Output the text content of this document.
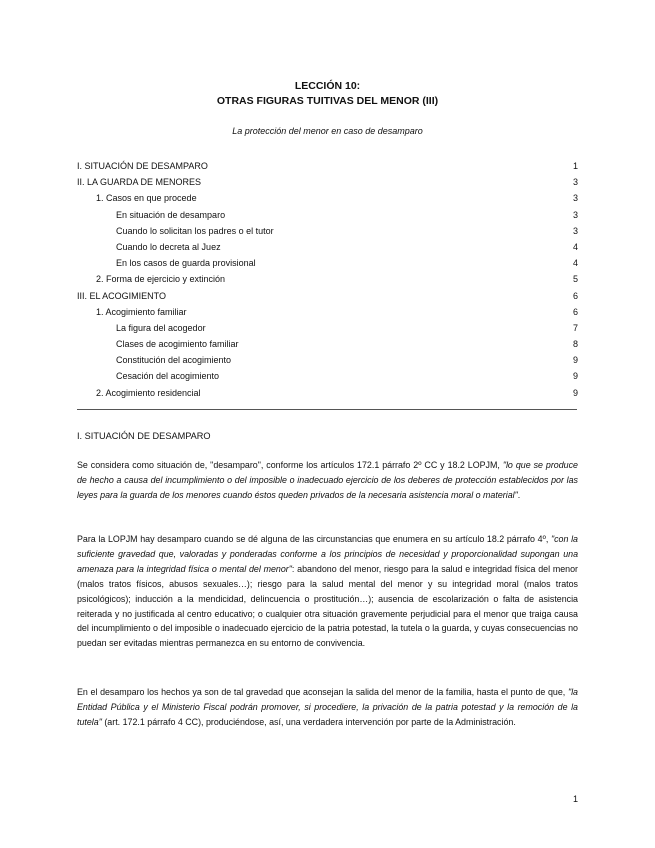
LECCIÓN 10:
OTRAS FIGURAS TUITIVAS DEL MENOR (III)
La protección del menor en caso de desamparo
I. SITUACIÓN DE DESAMPARO	1
II. LA GUARDA DE MENORES	3
1. Casos en que procede	3
En situación de desamparo	3
Cuando lo solicitan los padres o el tutor	3
Cuando lo decreta al Juez	4
En los casos de guarda provisional	4
2. Forma de ejercicio y extinción	5
III. EL ACOGIMIENTO	6
1. Acogimiento familiar	6
La figura del acogedor	7
Clases de acogimiento familiar	8
Constitución del acogimiento	9
Cesación del acogimiento	9
2. Acogimiento residencial	9
I. SITUACIÓN DE DESAMPARO
Se considera como situación de, "desamparo", conforme los artículos 172.1 párrafo 2º CC y 18.2 LOPJM, "lo que se produce de hecho a causa del incumplimiento o del imposible o inadecuado ejercicio de los deberes de protección establecidos por las leyes para la guarda de los menores cuando éstos queden privados de la necesaria asistencia moral o material".
Para la LOPJM hay desamparo cuando se dé alguna de las circunstancias que enumera en su artículo 18.2 párrafo 4º, "con la suficiente gravedad que, valoradas y ponderadas conforme a los principios de necesidad y proporcionalidad supongan una amenaza para la integridad física o mental del menor": abandono del menor, riesgo para la salud e integridad física del menor (malos tratos físicos, abusos sexuales…); riesgo para la salud mental del menor y su integridad moral (malos tratos psicológicos); inducción a la mendicidad, delincuencia o prostitución…); ausencia de escolarización o falta de asistencia reiterada y no justificada al centro educativo; o cualquier otra situación gravemente perjudicial para el menor que traiga causa del incumplimiento o del imposible o inadecuado ejercicio de la patria potestad, la tutela o la guarda, y cuyas consecuencias no puedan ser evitadas mientras permanezca en su entorno de convivencia.
En el desamparo los hechos ya son de tal gravedad que aconsejan la salida del menor de la familia, hasta el punto de que, "la Entidad Pública y el Ministerio Fiscal podrán promover, si procediere, la privación de la patria potestad y la remoción de la tutela" (art. 172.1 párrafo 4 CC), produciéndose, así, una verdadera intervención por parte de la Administración.
1
